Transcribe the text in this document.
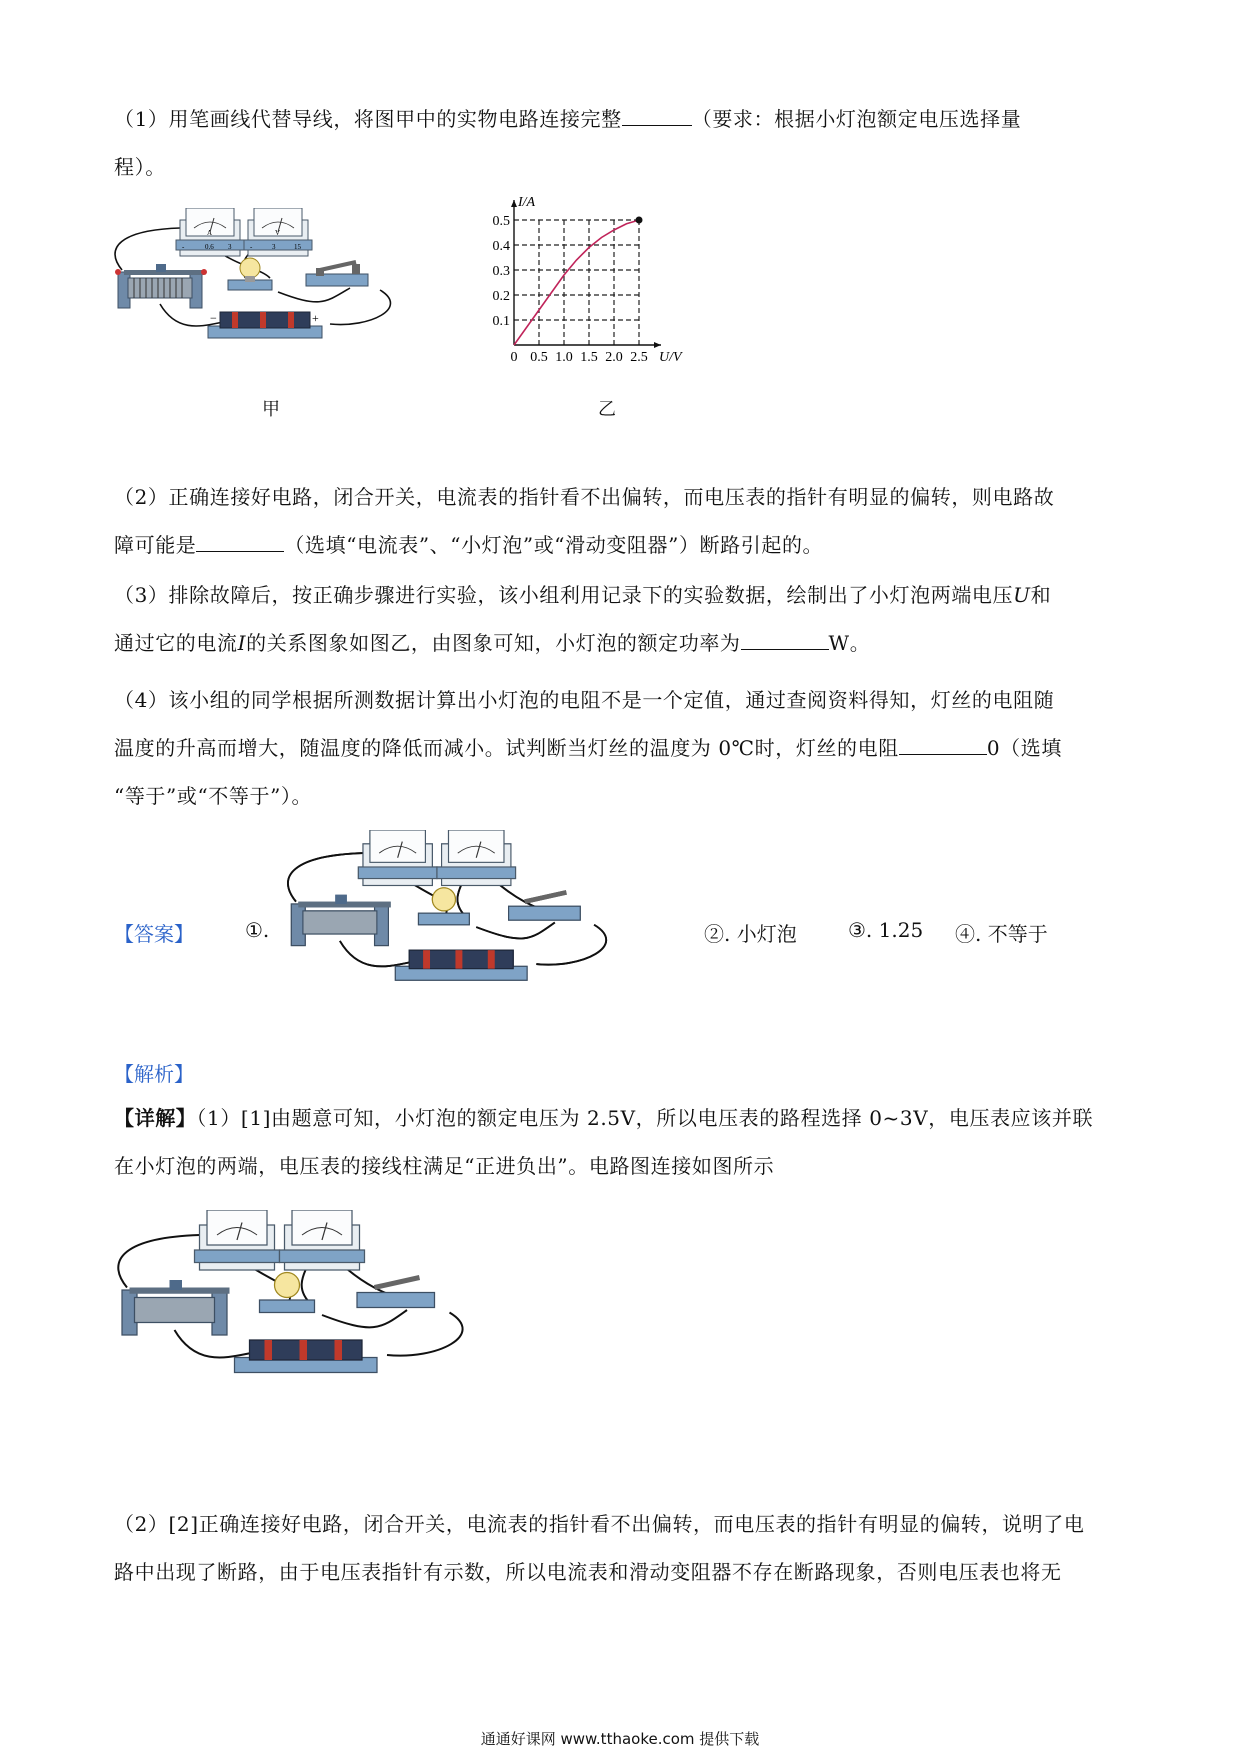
（1）用笔画线代替导线，将图甲中的实物电路连接完整	（要求：根据小灯泡额定电压选择量
程）。
A
-	0.6 3
V
-	3	15
−	+
甲
0 0.5 1.0 1.5 2.0 2.5
0.1
0.2
0.3
0.4
0.5
U/V
I/A
乙
（2）正确连接好电路，闭合开关，电流表的指针看不出偏转，而电压表的指针有明显的偏转，则电路故
障可能是	（选填“电流表”、“小灯泡”或“滑动变阻器”）断路引起的。
（3）排除故障后，按正确步骤进行实验，该小组利用记录下的实验数据，绘制出了小灯泡两端电压U和
通过它的电流I的关系图象如图乙，由图象可知，小灯泡的额定功率为	W。
（4）该小组的同学根据所测数据计算出小灯泡的电阻不是一个定值，通过查阅资料得知，灯丝的电阻随
温度的升高而增大，随温度的降低而减小。试判断当灯丝的温度为 0℃时，灯丝的电阻	0（选填
“等于”或“不等于”）。
【答案】	①.	②. 小灯泡	③. 1.25 ④. 不等于
【解析】
【详解】（1）[1]由题意可知，小灯泡的额定电压为 2.5V，所以电压表的路程选择 0~3V，电压表应该并联
在小灯泡的两端，电压表的接线柱满足“正进负出”。电路图连接如图所示
（2）[2]正确连接好电路，闭合开关，电流表的指针看不出偏转，而电压表的指针有明显的偏转，说明了电
路中出现了断路，由于电压表指针有示数，所以电流表和滑动变阻器不存在断路现象，否则电压表也将无
通通好课网 www.tthaoke.com 提供下载
